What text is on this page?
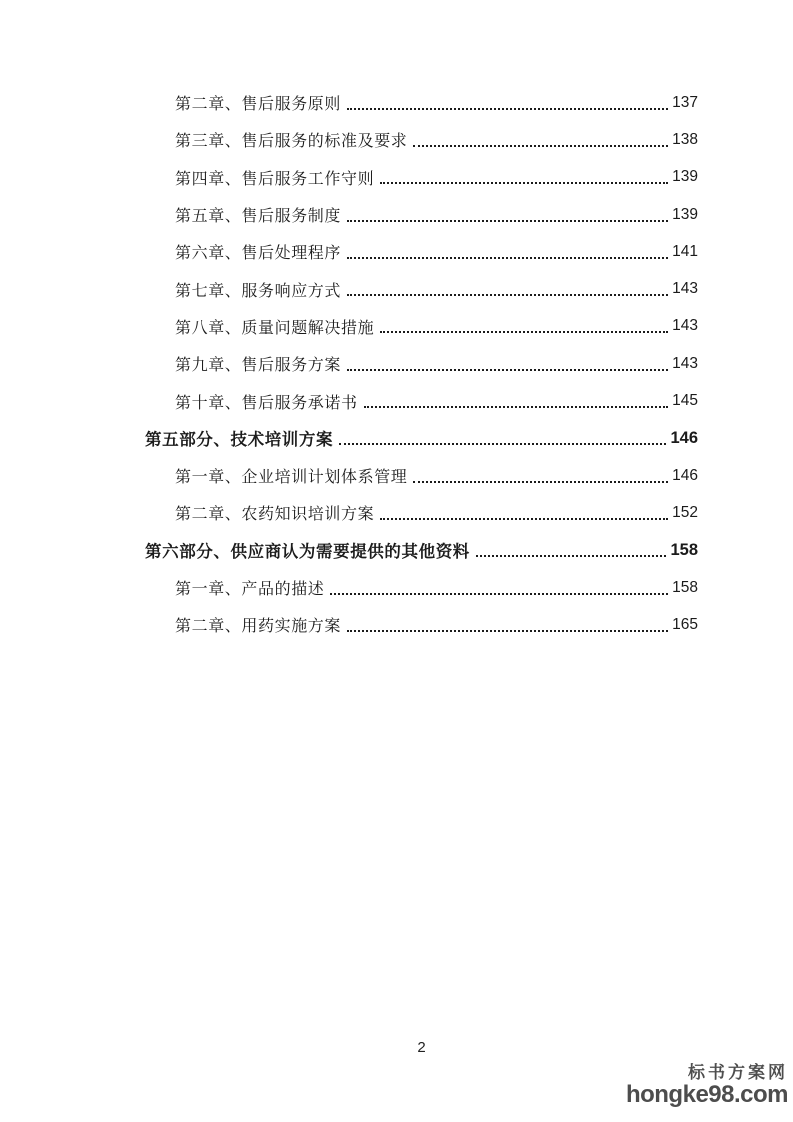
第二章、售后服务原则	137
第三章、售后服务的标准及要求	138
第四章、售后服务工作守则	139
第五章、售后服务制度	139
第六章、售后处理程序	141
第七章、服务响应方式	143
第八章、质量问题解决措施	143
第九章、售后服务方案	143
第十章、售后服务承诺书	145
第五部分、技术培训方案	146
第一章、企业培训计划体系管理	146
第二章、农药知识培训方案	152
第六部分、供应商认为需要提供的其他资料	158
第一章、产品的描述	158
第二章、用药实施方案	165
2
标书方案网
hongke98.com
